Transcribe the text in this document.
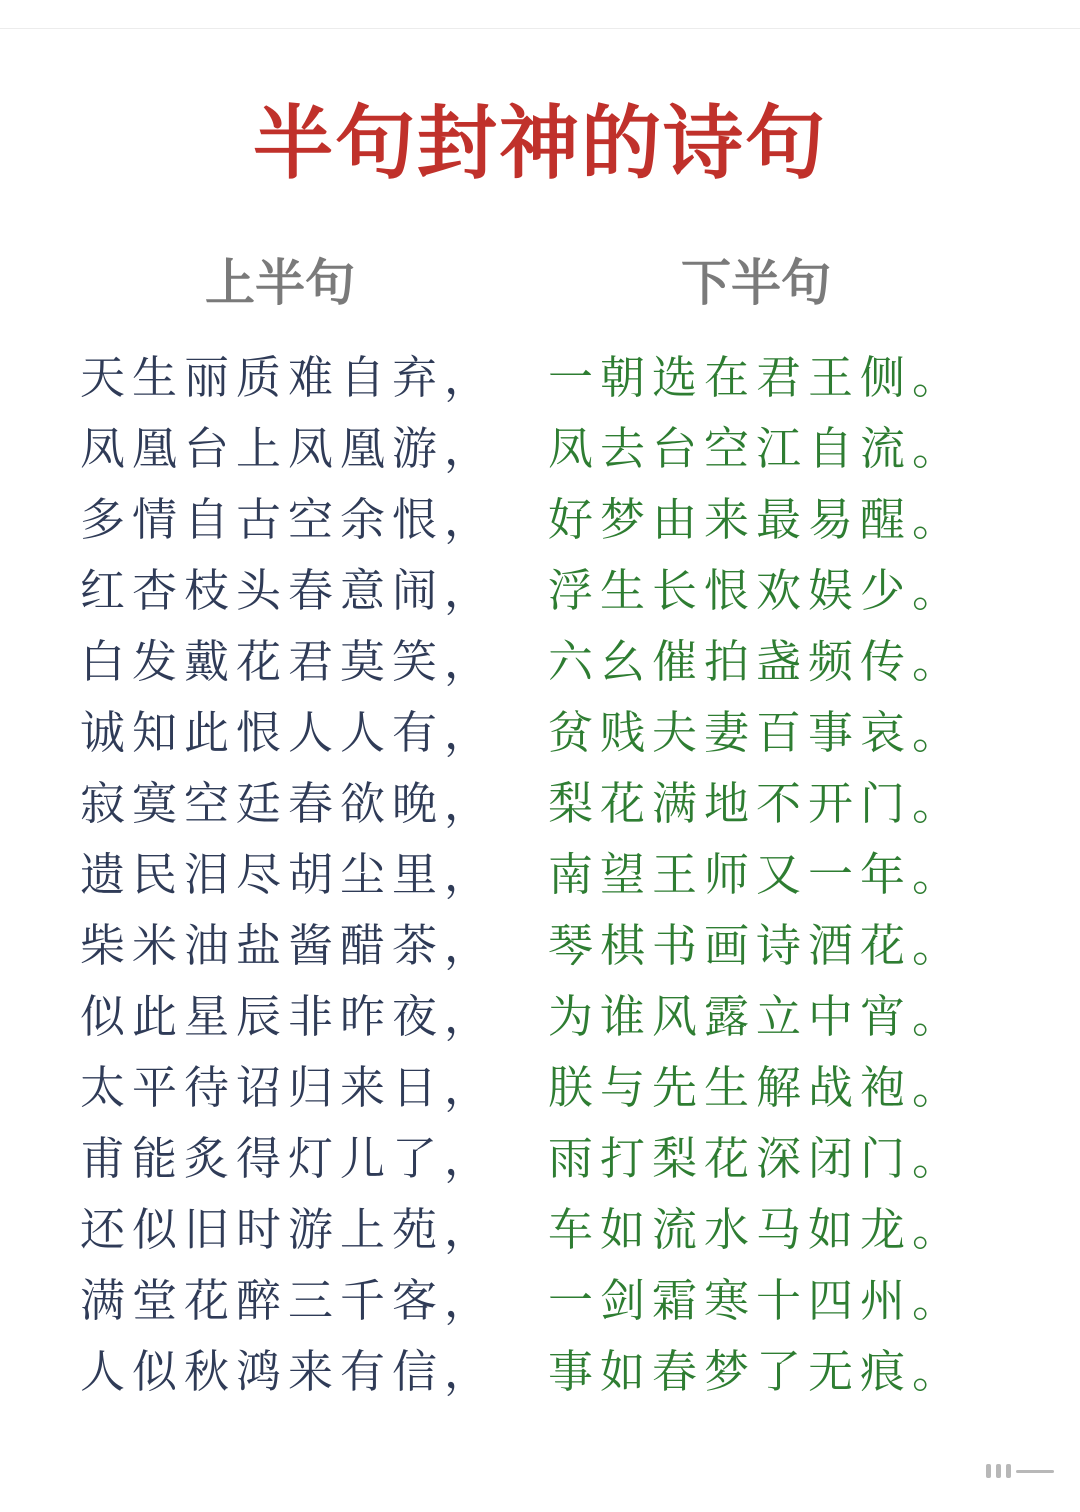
半句封神的诗句
上半句	下半句
天生丽质难自弃，
凤凰台上凤凰游，
多情自古空余恨，
红杏枝头春意闹，
白发戴花君莫笑，
诚知此恨人人有，
寂寞空廷春欲晚，
遗民泪尽胡尘里，
柴米油盐酱醋茶，
似此星辰非昨夜，
太平待诏归来日，
甫能炙得灯儿了，
还似旧时游上苑，
满堂花醉三千客，
人似秋鸿来有信，
一朝选在君王侧。
凤去台空江自流。
好梦由来最易醒。
浮生长恨欢娱少。
六幺催拍盏频传。
贫贱夫妻百事哀。
梨花满地不开门。
南望王师又一年。
琴棋书画诗酒花。
为谁风露立中宵。
朕与先生解战袍。
雨打梨花深闭门。
车如流水马如龙。
一剑霜寒十四州。
事如春梦了无痕。
